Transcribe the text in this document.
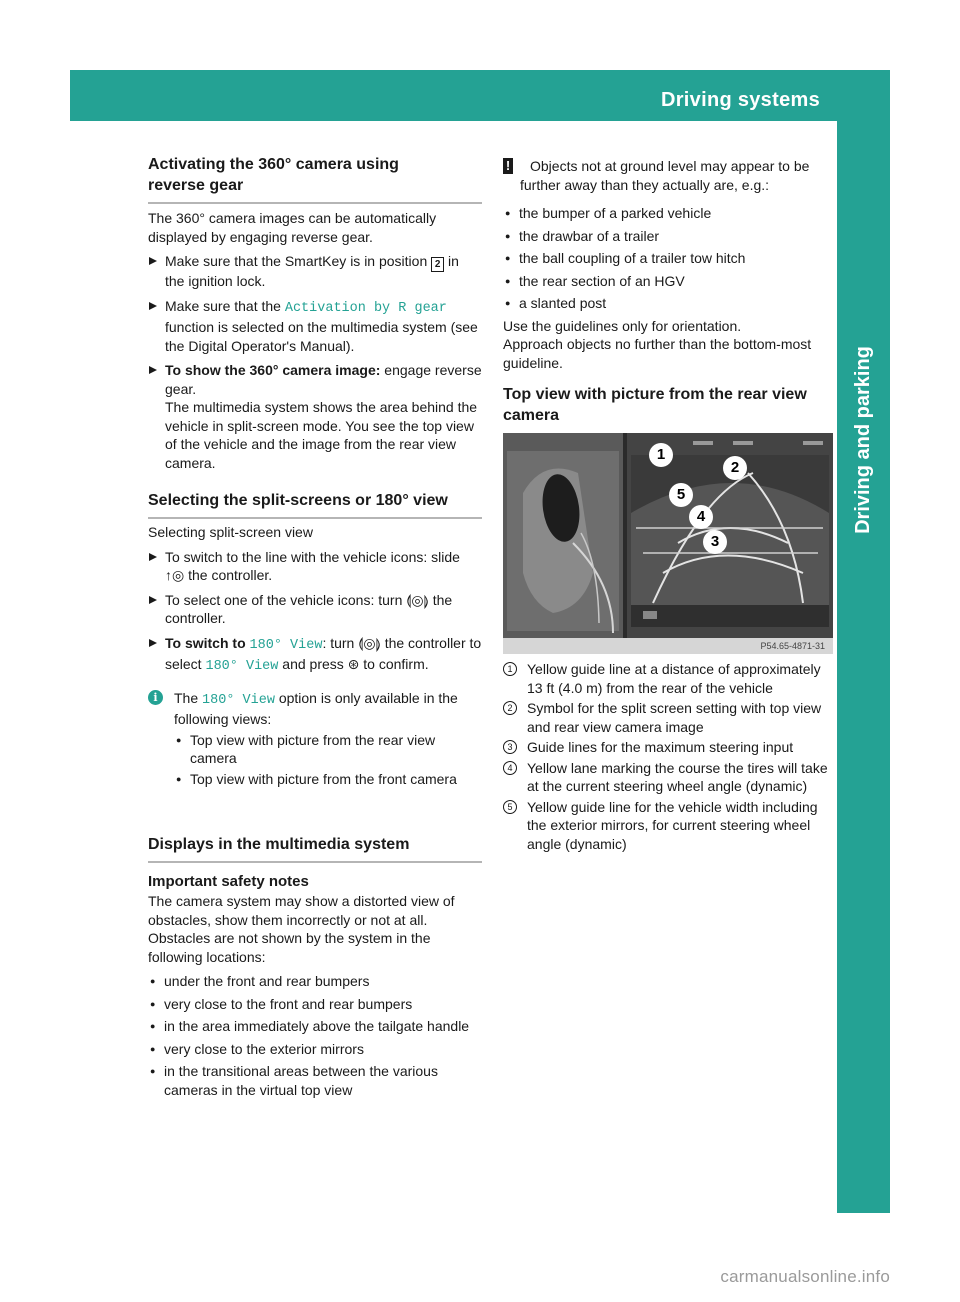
Driving systems
205
Driving and parking
Activating the 360° camera using reverse gear

The 360° camera images can be automatically displayed by engaging reverse gear.

Make sure that the SmartKey is in position 2 in the ignition lock.
Make sure that the Activation by R gear function is selected on the multimedia system (see the Digital Operator's Manual).
To show the 360° camera image: engage reverse gear.

The multimedia system shows the area behind the vehicle in split-screen mode. You see the top view of the vehicle and the image from the rear view camera.

Selecting the split-screens or 180° view

Selecting split-screen view

To switch to the line with the vehicle icons: slide ↑◎ the controller.
To select one of the vehicle icons: turn ⟬◎⟭ the controller.
To switch to 180° View: turn ⟬◎⟭ the controller to select 180° View and press ⊛ to confirm.
i	The 180° View option is only available in the following views:
● Top view with picture from the rear view camera
● Top view with picture from the front camera
Displays in the multimedia system
Important safety notes

The camera system may show a distorted view of obstacles, show them incorrectly or not at all. Obstacles are not shown by the system in the following locations:

● under the front and rear bumpers
● very close to the front and rear bumpers
● in the area immediately above the tailgate handle
● very close to the exterior mirrors
● in the transitional areas between the various cameras in the virtual top view
!	Objects not at ground level may appear to be further away than they actually are, e.g.:

● the bumper of a parked vehicle
● the drawbar of a trailer
● the ball coupling of a trailer tow hitch
● the rear section of an HGV
● a slanted post

Use the guidelines only for orientation.

Approach objects no further than the bottom-most guideline.

Top view with picture from the rear view camera
1
2
5
4
3
P54.65-4871-31
1	Yellow guide line at a distance of approximately 13 ft (4.0 m) from the rear of the vehicle
2	Symbol for the split screen setting with top view and rear view camera image
3	Guide lines for the maximum steering input
4	Yellow lane marking the course the tires will take at the current steering wheel angle (dynamic)
5	Yellow guide line for the vehicle width including the exterior mirrors, for current steering wheel angle (dynamic)
carmanualsonline.info
